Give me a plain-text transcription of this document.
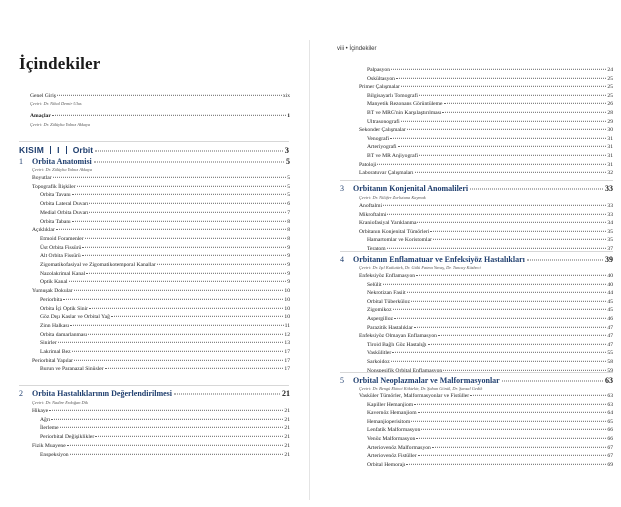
İçindekiler
Genel Giriş	xix
Çeviri: Dr. Nihal Demir Ulus
Amaçlar	1
Çeviri: Dr. Zülüyha Yalnız Akkaya
KISIM I Orbit	3
1	Orbita Anatomisi	5
Çeviri: Dr. Zülüyha Yalnız Akkaya
Boyutlar	5
Topografik İlişkiler	5
Orbita Tavanı	5
Orbita Lateral Duvarı	6
Medial Orbita Duvarı	7
Orbita Tabanı	8
Açıklıklar	8
Etmoid Foramenler	8
Üst Orbita Fissürü	9
Alt Orbita Fissürü	9
Zigomatikofasiyal ve Zigomatikotemporal Kanallar	9
Nazolakrimal Kanal	9
Optik Kanal	9
Yumuşak Dokular	10
Periorbita	10
Orbita İçi Optik Sinir	10
Göz Dışı Kaslar ve Orbital Yağ	10
Zinn Halkası	11
Orbita damarlanması	12
Sinirler	13
Lakrimal Bez	17
Periorbital Yapılar	17
Burun ve Paranazal Sinüsler	17
2	Orbita Hastalıklarının Değerlendirilmesi	21
Çeviri: Dr. Nadire Erdoğan Dik
Hikaye	21
Ağrı	21
İlerleme	21
Periorbital Değişiklikler	21
Fizik Muayene	21
Enspeksiyon	21
viii • İçindekiler
Palpasyon	24
Oskültasyon	25
Primer Çalışmalar	25
Bilgisayarlı Tomografi	25
Manyetik Rezonans Görüntüleme	26
BT ve MRG'nin Karşılaştırılması	28
Ultrasonografi	29
Sekonder Çalışmalar	30
Venografi	31
Arteriyografi	31
BT ve MR Anjiyografi	31
Patoloji	31
Laboratuvar Çalışmaları	32
3	Orbitanın Konjenital Anomalileri	33
Çeviri: Dr. Nilüfer Zorlutuna Kaymak
Anoftalmi	33
Mikroftalmi	33
Kraniofasiyal Yarıklanma	34
Orbitanın Konjenital Tümörleri	35
Hamartomlar ve Koristomlar	35
Teratom	37
4	Orbitanın Enflamatuar ve Enfeksiyöz Hastalıkları	39
Çeviri: Dr. Işıl Kutlutürk, Dr. Gülü Fatma Yavaş, Dr. Tuncay Küsbeci
Enfeksiyöz Enflamasyon	40
Selülit	40
Nekrotizan Fasiit	44
Orbital Tüberküloz	45
Zigomikoz	45
Aspergilloz	46
Parazitik Hastalıklar	47
Enfeksiyöz Olmayan Enflamasyon	47
Tiroid Bağlı Göz Hastalığı	47
Vaskülitler	55
Sarkoidoz	58
Nonspesifik Orbital Enflamasyon	59
5	Orbital Neoplazmalar ve Malformasyonlar	63
Çeviri: Dr. Bengü Ekinci Köktekir, Dr. Şaban Gönül, Dr. Şansal Gedik
Vasküler Tümörler, Malformasyonlar ve Fistüller	63
Kapiller Hemanjiom	63
Kavernöz Hemanjiom	64
Hemanjioperisitom	65
Lenfatik Malformasyon	66
Venöz Malformasyon	66
Arteriovenöz Malformasyon	67
Arteriovenöz Fistüller	67
Orbital Hemorajı	69
